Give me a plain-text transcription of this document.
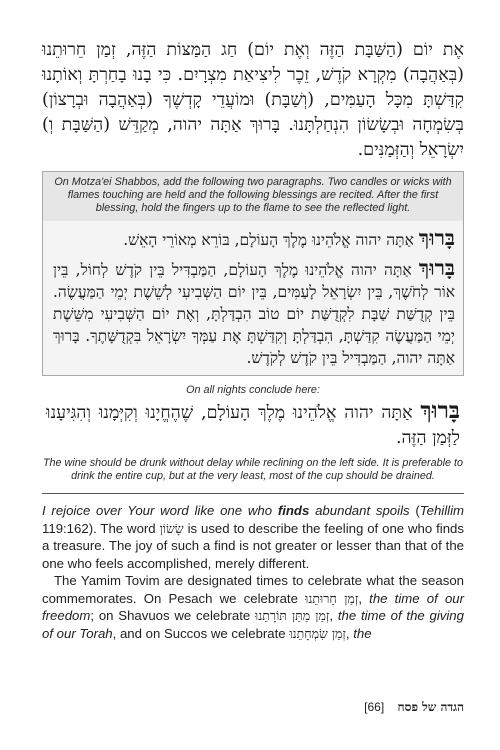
אֶת יוֹם (הַשַּׁבָּת הַזֶּה וְאֶת יוֹם) חַג הַמַּצּוֹת הַזֶּה, זְמַן חֵרוּתֵנוּ (בְּאַהֲבָה) מִקְרָא קֹדֶשׁ, זֵכֶר לִיצִיאַת מִצְרָיִם. כִּי בָנוּ בָחַרְתָּ וְאוֹתָנוּ קִדַּשְׁתָּ מִכָּל הָעַמִּים, (וְשַׁבָּת) וּמוֹעֲדֵי קָדְשֶׁךָ (בְּאַהֲבָה וּבְרָצוֹן) בְּשִׂמְחָה וּבְשָׂשׂוֹן הִנְחַלְתָּנוּ. בָּרוּךְ אַתָּה יהוה, מְקַדֵּשׁ (הַשַּׁבָּת וְ) יִשְׂרָאֵל וְהַזְּמַנִּים.
On Motza'ei Shabbos, add the following two paragraphs. Two candles or wicks with flames touching are held and the following blessings are recited. After the first blessing, hold the fingers up to the flame to see the reflected light.
בָּרוּךְ אַתָּה יהוה אֱלֹהֵינוּ מֶלֶךְ הָעוֹלָם, בּוֹרֵא מְאוֹרֵי הָאֵשׁ.
בָּרוּךְ אַתָּה יהוה אֱלֹהֵינוּ מֶלֶךְ הָעוֹלָם, הַמַּבְדִּיל בֵּין קֹדֶשׁ לְחוֹל, בֵּין אוֹר לְחֹשֶׁךְ, בֵּין יִשְׂרָאֵל לָעַמִּים, בֵּין יוֹם הַשְּׁבִיעִי לְשֵׁשֶׁת יְמֵי הַמַּעֲשֶׂה. בֵּין קְדֻשַּׁת שַׁבָּת לִקְדֻשַּׁת יוֹם טוֹב הִבְדַּלְתָּ, וְאֶת יוֹם הַשְּׁבִיעִי מִשֵּׁשֶׁת יְמֵי הַמַּעֲשֶׂה קִדַּשְׁתָּ, הִבְדַּלְתָּ וְקִדַּשְׁתָּ אֶת עַמְּךָ יִשְׂרָאֵל בִּקְדֻשָּׁתֶךָ. בָּרוּךְ אַתָּה יהוה, הַמַּבְדִּיל בֵּין קֹדֶשׁ לְקֹדֶשׁ.
On all nights conclude here:
בָּרוּךְ אַתָּה יהוה אֱלֹהֵינוּ מֶלֶךְ הָעוֹלָם, שֶׁהֶחֱיָנוּ וְקִיְּמָנוּ וְהִגִּיעָנוּ לַזְּמַן הַזֶּה.
The wine should be drunk without delay while reclining on the left side. It is preferable to drink the entire cup, but at the very least, most of the cup should be drained.

I rejoice over Your word like one who finds abundant spoils (Tehillim 119:162). The word שָׂשׂוֹן is used to describe the feeling of one who finds a treasure. The joy of such a find is not greater or lesser than that of the one who feels accomplished, merely different.

The Yamim Tovim are designated times to celebrate what the season commemorates. On Pesach we celebrate זְמַן חֵרוּתֵנוּ, the time of our freedom; on Shavuos we celebrate זְמַן מַתַּן תּוֹרָתֵנוּ, the time of the giving of our Torah, and on Succos we celebrate זְמַן שִׂמְחָתֵנוּ, the

הגדה של פסח    [66]
